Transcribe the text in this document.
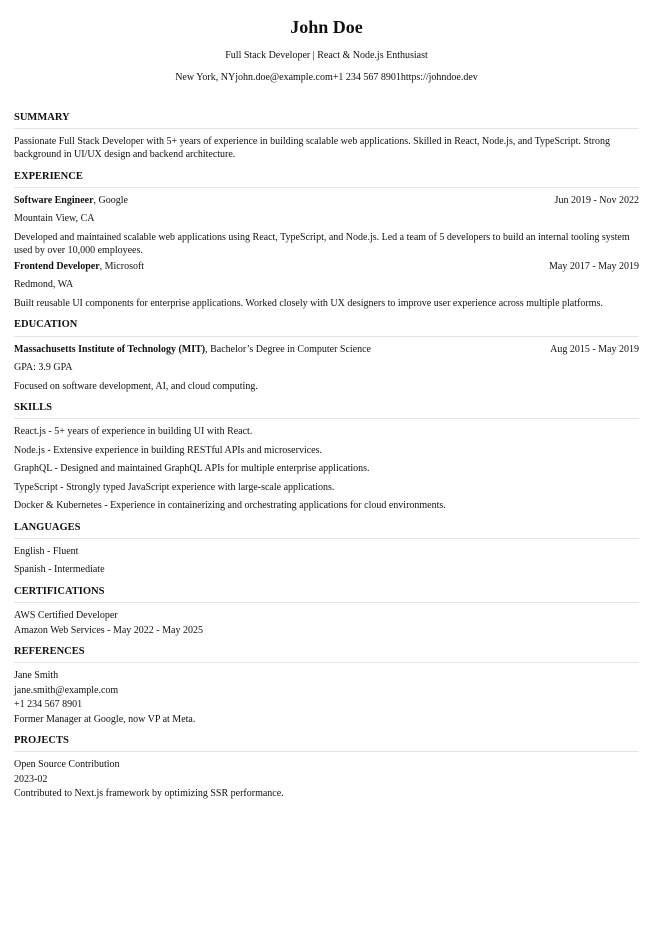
John Doe
Full Stack Developer | React & Node.js Enthusiast
New York, NYjohn.doe@example.com+1 234 567 8901https://johndoe.dev
SUMMARY
Passionate Full Stack Developer with 5+ years of experience in building scalable web applications. Skilled in React, Node.js, and TypeScript. Strong background in UI/UX design and backend architecture.
EXPERIENCE
Software Engineer, Google	Jun 2019 - Nov 2022
Mountain View, CA
Developed and maintained scalable web applications using React, TypeScript, and Node.js. Led a team of 5 developers to build an internal tooling system used by over 10,000 employees.
Frontend Developer, Microsoft	May 2017 - May 2019
Redmond, WA
Built reusable UI components for enterprise applications. Worked closely with UX designers to improve user experience across multiple platforms.
EDUCATION
Massachusetts Institute of Technology (MIT), Bachelor’s Degree in Computer Science	Aug 2015 - May 2019
GPA: 3.9 GPA
Focused on software development, AI, and cloud computing.
SKILLS
React.js - 5+ years of experience in building UI with React.
Node.js - Extensive experience in building RESTful APIs and microservices.
GraphQL - Designed and maintained GraphQL APIs for multiple enterprise applications.
TypeScript - Strongly typed JavaScript experience with large-scale applications.
Docker & Kubernetes - Experience in containerizing and orchestrating applications for cloud environments.
LANGUAGES
English - Fluent
Spanish - Intermediate
CERTIFICATIONS
AWS Certified Developer
Amazon Web Services - May 2022 - May 2025
REFERENCES
Jane Smith
jane.smith@example.com
+1 234 567 8901
Former Manager at Google, now VP at Meta.
PROJECTS
Open Source Contribution
2023-02
Contributed to Next.js framework by optimizing SSR performance.
